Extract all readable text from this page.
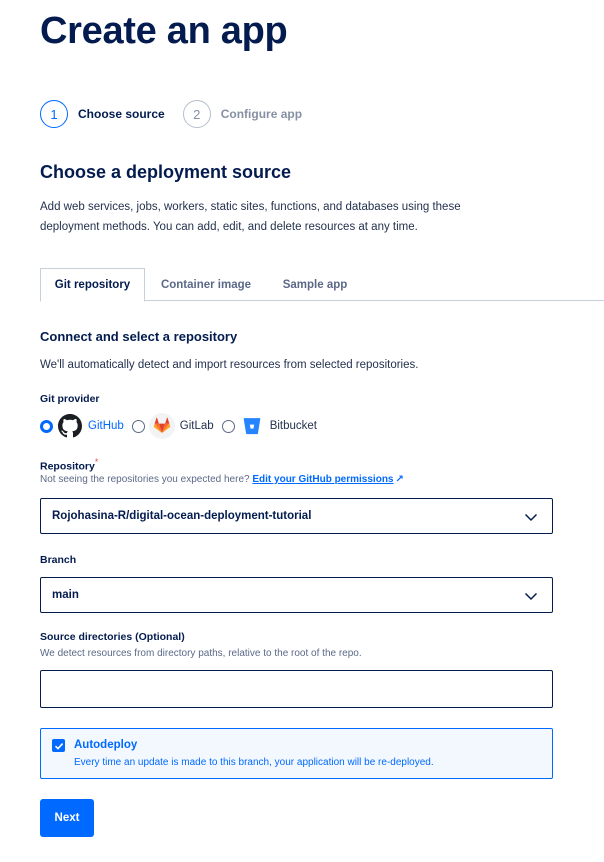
Create an app
1	Choose source	2	Configure app
Choose a deployment source

Add web services, jobs, workers, static sites, functions, and databases using these deployment methods. You can add, edit, and delete resources at any time.

Git repository	Container image	Sample app
Connect and select a repository

We'll automatically detect and import resources from selected repositories.

Git provider
GitHub	GitLab	Bitbucket
Repository*
Not seeing the repositories you expected here? Edit your GitHub permissions ↗
Rojohasina-R/digital-ocean-deployment-tutorial
Branch
main
Source directories (Optional)
We detect resources from directory paths, relative to the root of the repo.
Autodeploy
Every time an update is made to this branch, your application will be re-deployed.
Next
